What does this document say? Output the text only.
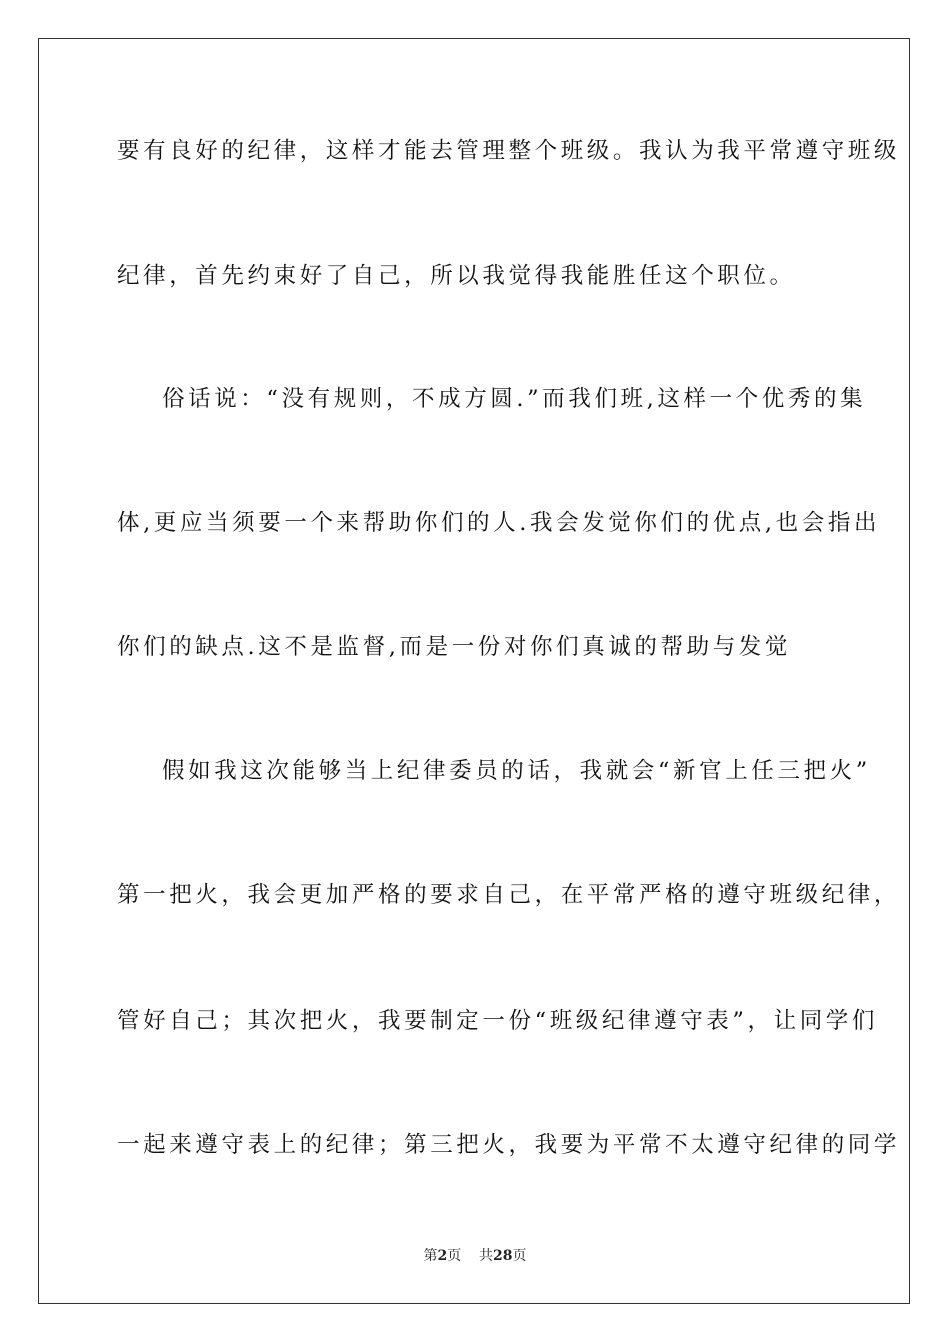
要有良好的纪律，这样才能去管理整个班级。我认为我平常遵守班级
纪律，首先约束好了自己，所以我觉得我能胜任这个职位。
俗话说：“没有规则，不成方圆.”而我们班,这样一个优秀的集
体,更应当须要一个来帮助你们的人.我会发觉你们的优点,也会指出
你们的缺点.这不是监督,而是一份对你们真诚的帮助与发觉
假如我这次能够当上纪律委员的话，我就会“新官上任三把火”
第一把火，我会更加严格的要求自己，在平常严格的遵守班级纪律，
管好自己；其次把火，我要制定一份“班级纪律遵守表”，让同学们
一起来遵守表上的纪律；第三把火，我要为平常不太遵守纪律的同学
第2页 共28页
